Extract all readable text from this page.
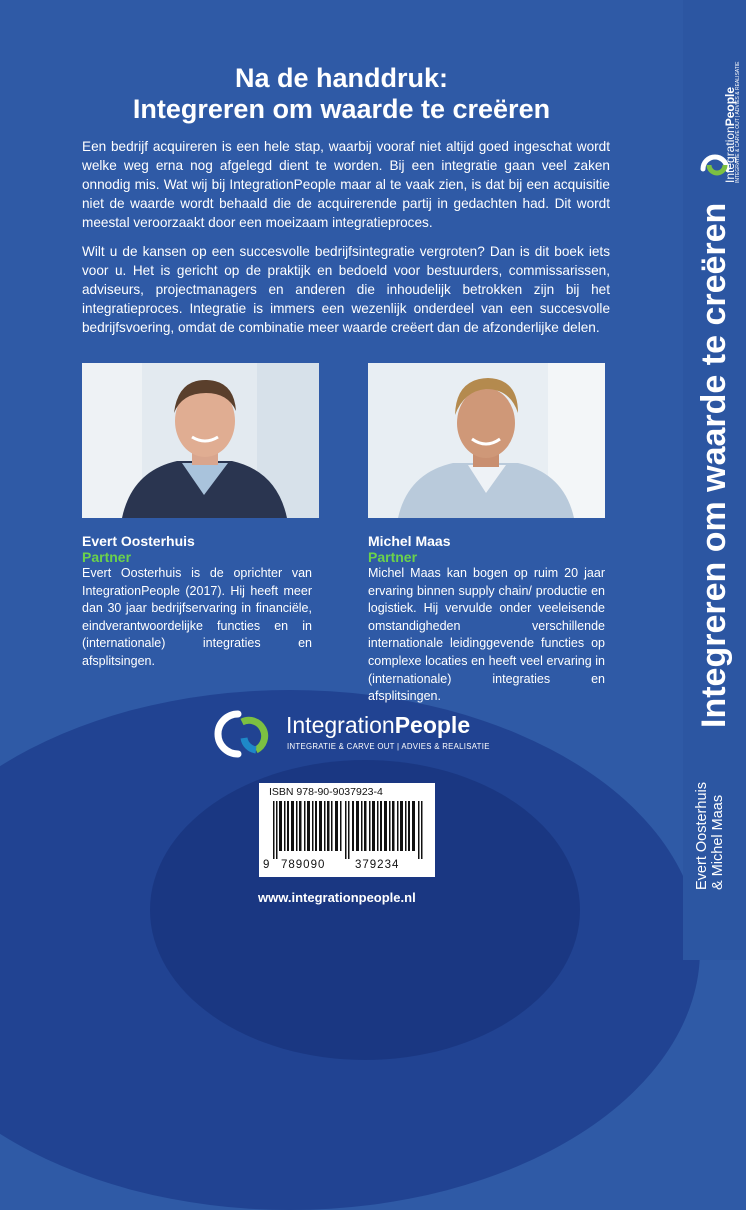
Na de handdruk:
Integreren om waarde te creëren

Een bedrijf acquireren is een hele stap, waarbij vooraf niet altijd goed ingeschat wordt welke weg erna nog afgelegd dient te worden. Bij een integratie gaan veel zaken onnodig mis. Wat wij bij IntegrationPeople maar al te vaak zien, is dat bij een acquisitie niet de waarde wordt behaald die de acquirerende partij in gedachten had. Dit wordt meestal veroorzaakt door een moeizaam integratieproces.

Wilt u de kansen op een succesvolle bedrijfsintegratie vergroten? Dan is dit boek iets voor u. Het is gericht op de praktijk en bedoeld voor bestuurders, commissarissen, adviseurs, projectmanagers en anderen die inhoudelijk betrokken zijn bij het integratieproces. Integratie is immers een wezenlijk onderdeel van een succesvolle bedrijfsvoering, omdat de combinatie meer waarde creëert dan de afzonderlijke delen.

Evert Oosterhuis
Partner

Evert Oosterhuis is de oprichter van IntegrationPeople (2017). Hij heeft meer dan 30 jaar bedrijfservaring in financiële, eindverantwoordelijke functies en in (internationale) integraties en afsplitsingen.

Michel Maas
Partner

Michel Maas kan bogen op ruim 20 jaar ervaring binnen supply chain/ productie en logistiek. Hij vervulde onder veeleisende omstandigheden verschillende internationale leidinggevende functies op complexe locaties en heeft veel ervaring in (internationale) integraties en afsplitsingen.

IntegrationPeople
INTEGRATIE & CARVE OUT | ADVIES & REALISATIE
ISBN 978-90-9037923-4
9 789090	379234
www.integrationpeople.nl
IntegrationPeople
INTEGRATIE & CARVE OUT | ADVIES & REALISATIE
Integreren om waarde te creëren
Evert Oosterhuis & Michel Maas
